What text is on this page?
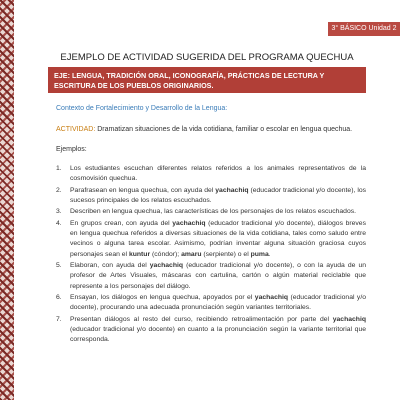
3° BÁSICO Unidad 2
EJEMPLO DE ACTIVIDAD SUGERIDA DEL PROGRAMA QUECHUA
EJE: LENGUA, TRADICIÓN ORAL, ICONOGRAFÍA, PRÁCTICAS DE LECTURA Y ESCRITURA DE LOS PUEBLOS ORIGINARIOS.
Contexto de Fortalecimiento y Desarrollo de la Lengua:
ACTIVIDAD: Dramatizan situaciones de la vida cotidiana, familiar o escolar en lengua quechua.
Ejemplos:
1.	Los estudiantes escuchan diferentes relatos referidos a los animales representativos de la cosmovisión quechua.
2.	Parafrasean en lengua quechua, con ayuda del yachachiq (educador tradicional y/o docente), los sucesos principales de los relatos escuchados.
3.	Describen en lengua quechua, las características de los personajes de los relatos escuchados.
4.	En grupos crean, con ayuda del yachachiq (educador tradicional y/o docente), diálogos breves en lengua quechua referidos a diversas situaciones de la vida cotidiana, tales como saludo entre vecinos o alguna tarea escolar. Asimismo, podrían inventar alguna situación graciosa cuyos personajes sean el kuntur (cóndor); amaru (serpiente) o el puma.
5.	Elaboran, con ayuda del yachachiq (educador tradicional y/o docente), o con la ayuda de un profesor de Artes Visuales, máscaras con cartulina, cartón o algún material reciclable que represente a los personajes del diálogo.
6.	Ensayan, los diálogos en lengua quechua, apoyados por el yachachiq (educador tradicional y/o docente), procurando una adecuada pronunciación según variantes territoriales.
7.	Presentan diálogos al resto del curso, recibiendo retroalimentación por parte del yachachiq (educador tradicional y/o docente) en cuanto a la pronunciación según la variante territorial que corresponda.
